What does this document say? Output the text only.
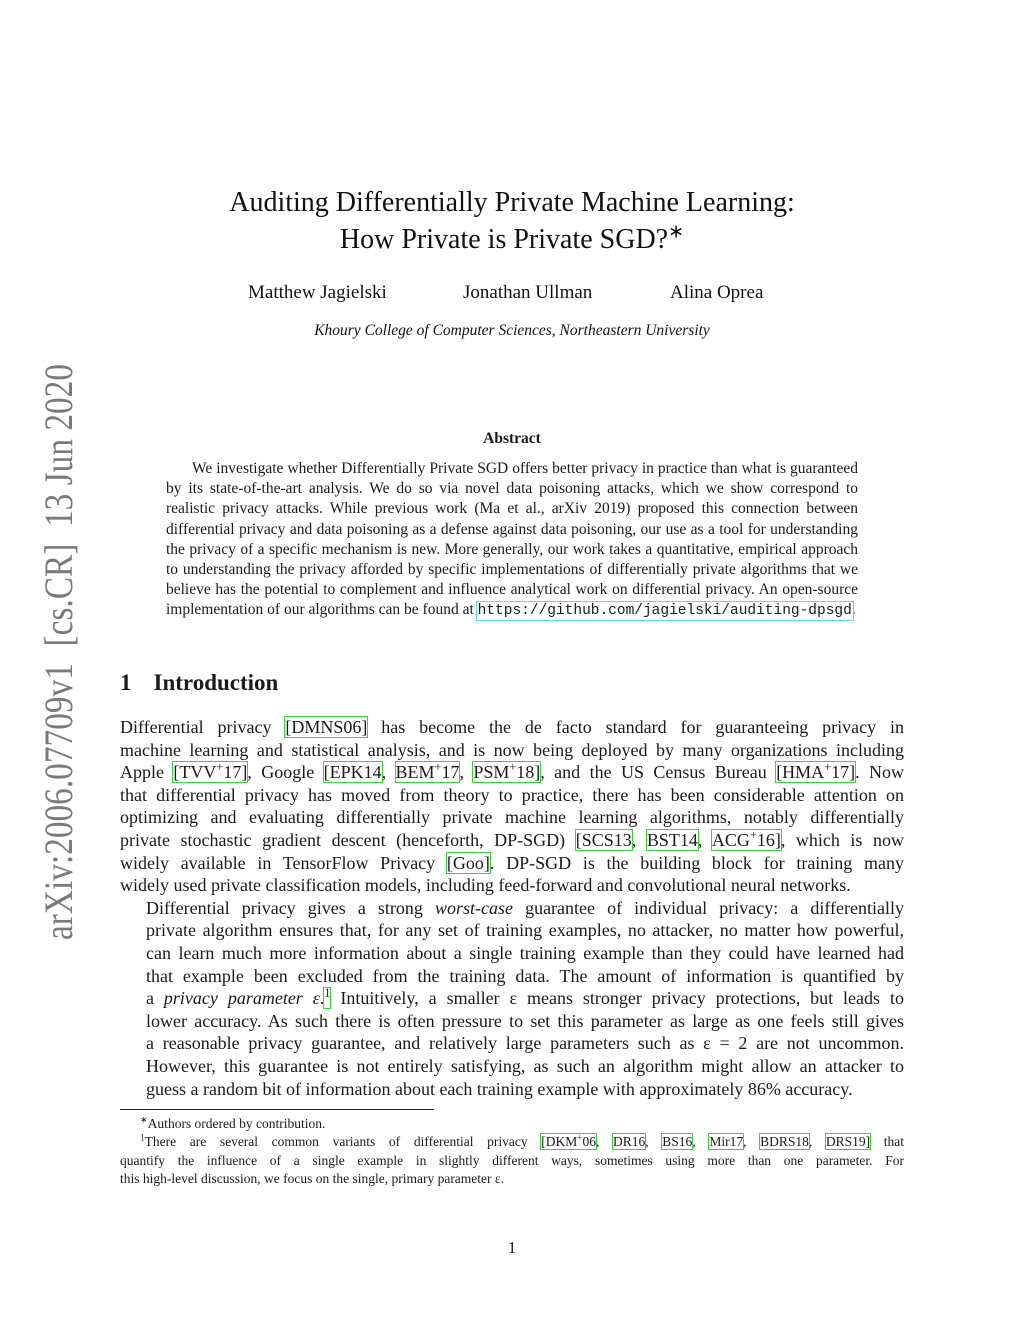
arXiv:2006.07709v1  [cs.CR]  13 Jun 2020
Auditing Differentially Private Machine Learning:
How Private is Private SGD?∗
Matthew Jagielski	Jonathan Ullman	Alina Oprea
Khoury College of Computer Sciences, Northeastern University
Abstract

We investigate whether Differentially Private SGD offers better privacy in practice than what is guaranteed by its state-of-the-art analysis. We do so via novel data poisoning attacks, which we show correspond to realistic privacy attacks. While previous work (Ma et al., arXiv 2019) proposed this connection between differential privacy and data poisoning as a defense against data poisoning, our use as a tool for understanding the privacy of a specific mechanism is new. More generally, our work takes a quantitative, empirical approach to understanding the privacy afforded by specific implementations of differentially private algorithms that we believe has the potential to complement and influence analytical work on differential privacy. An open-source implementation of our algorithms can be found at https://github.com/jagielski/auditing-dpsgd.

1 Introduction

Differential privacy [DMNS06] has become the de facto standard for guaranteeing privacy in
machine learning and statistical analysis, and is now being deployed by many organizations including
Apple [TVV+17], Google [EPK14, BEM+17, PSM+18], and the US Census Bureau [HMA+17]. Now
that differential privacy has moved from theory to practice, there has been considerable attention on
optimizing and evaluating differentially private machine learning algorithms, notably differentially
private stochastic gradient descent (henceforth, DP-SGD) [SCS13, BST14, ACG+16], which is now
widely available in TensorFlow Privacy [Goo]. DP-SGD is the building block for training many
widely used private classification models, including feed-forward and convolutional neural networks.

Differential privacy gives a strong worst-case guarantee of individual privacy: a differentially
private algorithm ensures that, for any set of training examples, no attacker, no matter how powerful,
can learn much more information about a single training example than they could have learned had
that example been excluded from the training data. The amount of information is quantified by
a privacy parameter ε.$^1$ Intuitively, a smaller ε means stronger privacy protections, but leads to
lower accuracy. As such there is often pressure to set this parameter as large as one feels still gives
a reasonable privacy guarantee, and relatively large parameters such as ε = 2 are not uncommon.
However, this guarantee is not entirely satisfying, as such an algorithm might allow an attacker to
guess a random bit of information about each training example with approximately 86% accuracy.

∗Authors ordered by contribution.

$^1$There are several common variants of differential privacy [DKM+06, DR16, BS16, Mir17, BDRS18, DRS19] that
quantify the influence of a single example in slightly different ways, sometimes using more than one parameter. For
this high-level discussion, we focus on the single, primary parameter ε.

1
